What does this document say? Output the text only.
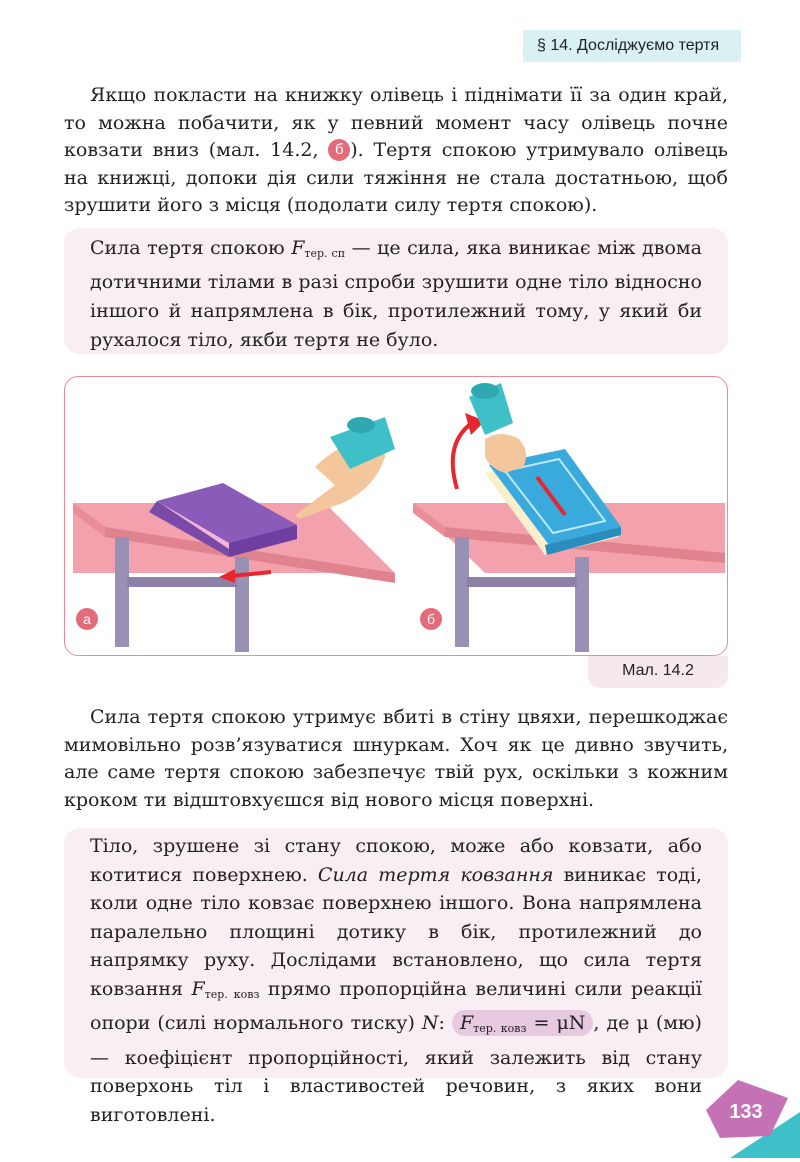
§ 14. Досліджуємо тертя

Якщо покласти на книжку олівець і піднімати її за один край, то можна побачити, як у певний момент часу олівець почне ковзати вниз (мал. 14.2, б ). Тертя спокою утримувало олівець на книжці, допоки дія сили тяжіння не стала достатньою, щоб зрушити його з місця (подолати силу тертя спокою).

Сила тертя спокою $F_{тер. сп}$ — це сила, яка виникає між двома дотичними тілами в разі спроби зрушити одне тіло відносно іншого й напрямлена в бік, протилежний тому, у який би рухалося тіло, якби тертя не було.
а	б
Мал. 14.2

Сила тертя спокою утримує вбиті в стіну цвяхи, перешкоджає мимовільно розв’язуватися шнуркам. Хоч як це дивно звучить, але саме тертя спокою забезпечує твій рух, оскільки з кожним кроком ти відштовхуєшся від нового місця поверхні.

Тіло, зрушене зі стану спокою, може або ковзати, або котитися поверхнею. Сила тертя ковзання виникає тоді, коли одне тіло ковзає поверхнею іншого. Вона напрямлена паралельно площині дотику в бік, протилежний до напрямку руху. Дослідами встановлено, що сила тертя ковзання $F_{тер. ковз}$ прямо пропорційна величині сили реакції опори (силі нормального тиску) N: $F_{тер. ковз} = \mu N$ , де μ (мю) — коефіцієнт пропорційності, який залежить від стану поверхонь тіл і властивостей речовин, з яких вони виготовлені.	133
